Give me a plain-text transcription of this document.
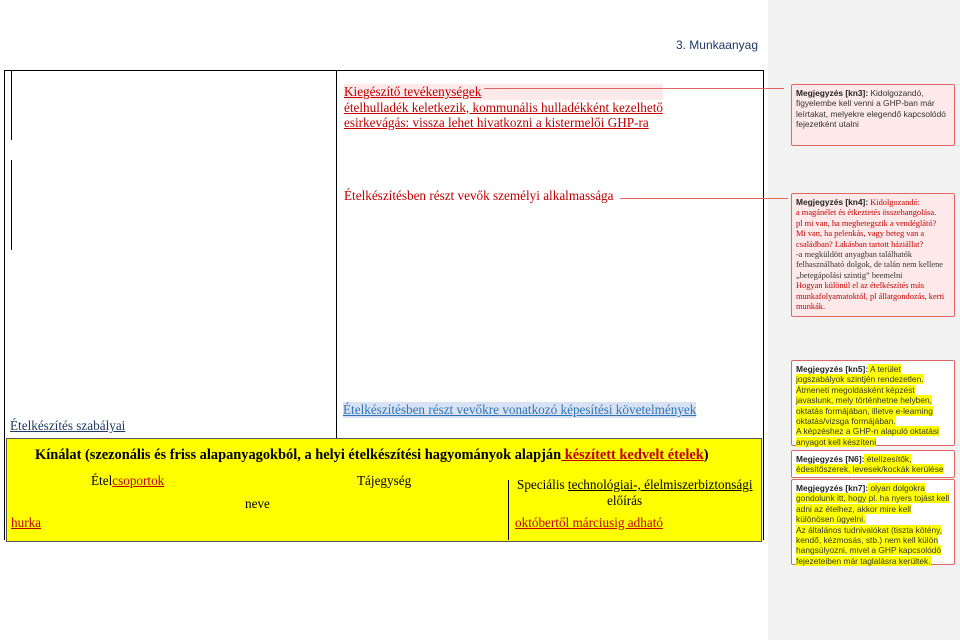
3. Munkaanyag
Kiegészítő tevékenységek
ételhulladék keletkezik, kommunális hulladékként kezelhető
esirkevágás: vissza lehet hivatkozni a kistermelői GHP-ra
Ételkészítésben részt vevők személyi alkalmassága
Ételkészítésben részt vevőkre vonatkozó képesítési követelmények
Ételkészítés szabályai
Kínálat (szezonális és friss alapanyagokból, a helyi ételkészítési hagyományok alapján készített kedvelt ételek)
Ételcsoportok
neve
Tájegység	Speciális technológiai-, élelmiszerbiztonsági
előírás
hurka	októbertől márciusig adható
Megjegyzés [kn3]: Kidolgozandó, figyelembe kell venni a GHP-ban már leírtakat, melyekre elegendő kapcsolódó fejezetként utalni
Megjegyzés [kn4]: Kidolgozandó:
a magánélet és étkeztetés összehangolása.
pl mi van, ha megbetegszik a vendéglátó?
Mi van, ha pelenkás, vagy beteg van a családban? Lakásban tartott háziállat?
-a megküldött anyagban találhatók felhasználható dolgok, de talán nem kellene „betegápolási szintig” beemelni
Hogyan különül el az ételkészítés más munkafolyamatoktól, pl állatgondozás, kerti munkák.
Megjegyzés [kn5]: A terület jogszabályok szintjén rendezetlen.
Átmeneti megoldásként képzést javaslunk, mely történhetne helyben, oktatás formájában, illetve e-learning oktatás/vizsga formájában.
A képzéshez a GHP-n alapuló oktatási anyagot kell készíteni
Megjegyzés [N6]: ételízesítők, édesítőszerek, levesek/kockák kerülése
Megjegyzés [kn7]: olyan dolgokra gondolunk itt, hogy pl. ha nyers tojást kell adni az ételhez, akkor mire kell különösen ügyelni.
Az általános tudnivalókat (tiszta kötény, kendő, kézmosás, stb.) nem kell külön hangsúlyozni, mivel a GHP kapcsolódó fejezeteiben már taglalásra kerültek.
